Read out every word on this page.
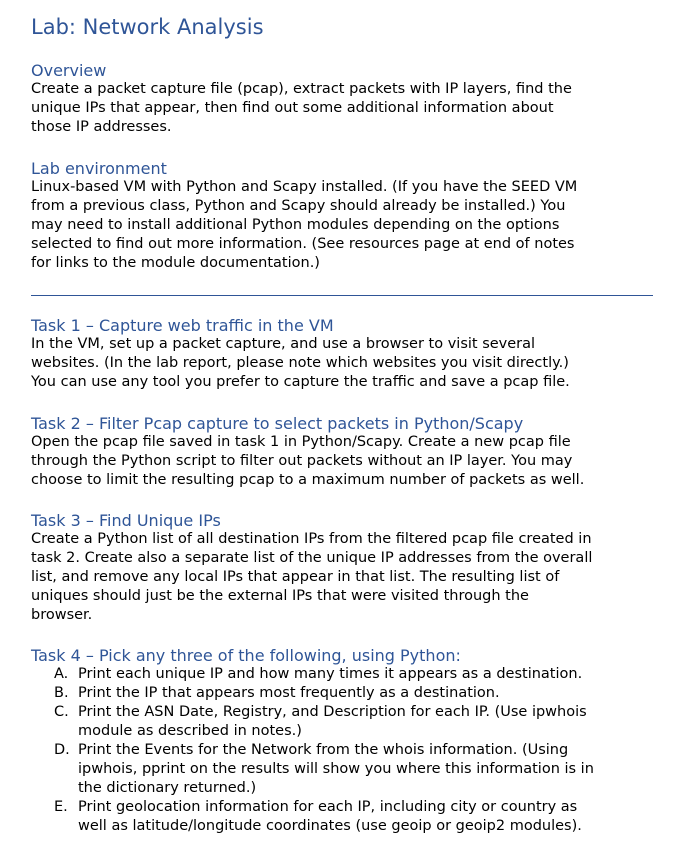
Lab: Network Analysis
Overview
Create a packet capture file (pcap), extract packets with IP layers, find the
unique IPs that appear, then find out some additional information about
those IP addresses.
Lab environment
Linux-based VM with Python and Scapy installed. (If you have the SEED VM
from a previous class, Python and Scapy should already be installed.) You
may need to install additional Python modules depending on the options
selected to find out more information. (See resources page at end of notes
for links to the module documentation.)
Task 1 – Capture web traffic in the VM
In the VM, set up a packet capture, and use a browser to visit several
websites. (In the lab report, please note which websites you visit directly.)
You can use any tool you prefer to capture the traffic and save a pcap file.
Task 2 – Filter Pcap capture to select packets in Python/Scapy
Open the pcap file saved in task 1 in Python/Scapy. Create a new pcap file
through the Python script to filter out packets without an IP layer. You may
choose to limit the resulting pcap to a maximum number of packets as well.
Task 3 – Find Unique IPs
Create a Python list of all destination IPs from the filtered pcap file created in
task 2. Create also a separate list of the unique IP addresses from the overall
list, and remove any local IPs that appear in that list. The resulting list of
uniques should just be the external IPs that were visited through the
browser.
Task 4 – Pick any three of the following, using Python:
A. Print each unique IP and how many times it appears as a destination.
B. Print the IP that appears most frequently as a destination.
C. Print the ASN Date, Registry, and Description for each IP. (Use ipwhois
module as described in notes.)
D. Print the Events for the Network from the whois information. (Using
ipwhois, pprint on the results will show you where this information is in
the dictionary returned.)
E. Print geolocation information for each IP, including city or country as
well as latitude/longitude coordinates (use geoip or geoip2 modules).
